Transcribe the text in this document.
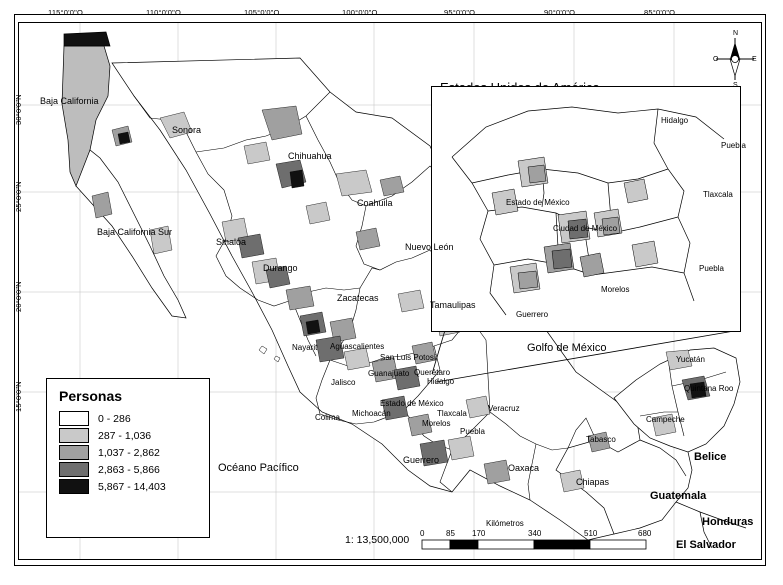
Hidalgo
Puebla
Tlaxcala
Estado de México
Ciudad de México
Puebla
Morelos
Guerrero
115°0'0"O	110°0'0"O	105°0'0"O	100°0'0"O	95°0'0"O	90°0'0"O	85°0'0"O
30°0'0"N
25°0'0"N
20°0'0"N
15°0'0"N
Baja California
Baja California Sur
Sonora
Chihuahua
Coahuila
Sinaloa
Durango
Nuevo León
Zacatecas
Tamaulipas
San Luis Potosí
Nayarit Aguascalientes
Guanajuato Querétaro
Hidalgo
Jalisco
Colima Michoacán
Estado de México
Tlaxcala
Morelos
Puebla
Veracruz
Guerrero
Oaxaca
Chiapas
Tabasco
Campeche
Yucatán
Quintana Roo
Océano Pacífico
Golfo de México
Belice
Guatemala
Honduras
El Salvador
Personas
0 - 286
287 - 1,036
1,037 - 2,862
2,863 - 5,866
5,867 - 14,403
N
S
E
O
1: 13,500,000
Kilómetros
0	85 170	340	510	680
